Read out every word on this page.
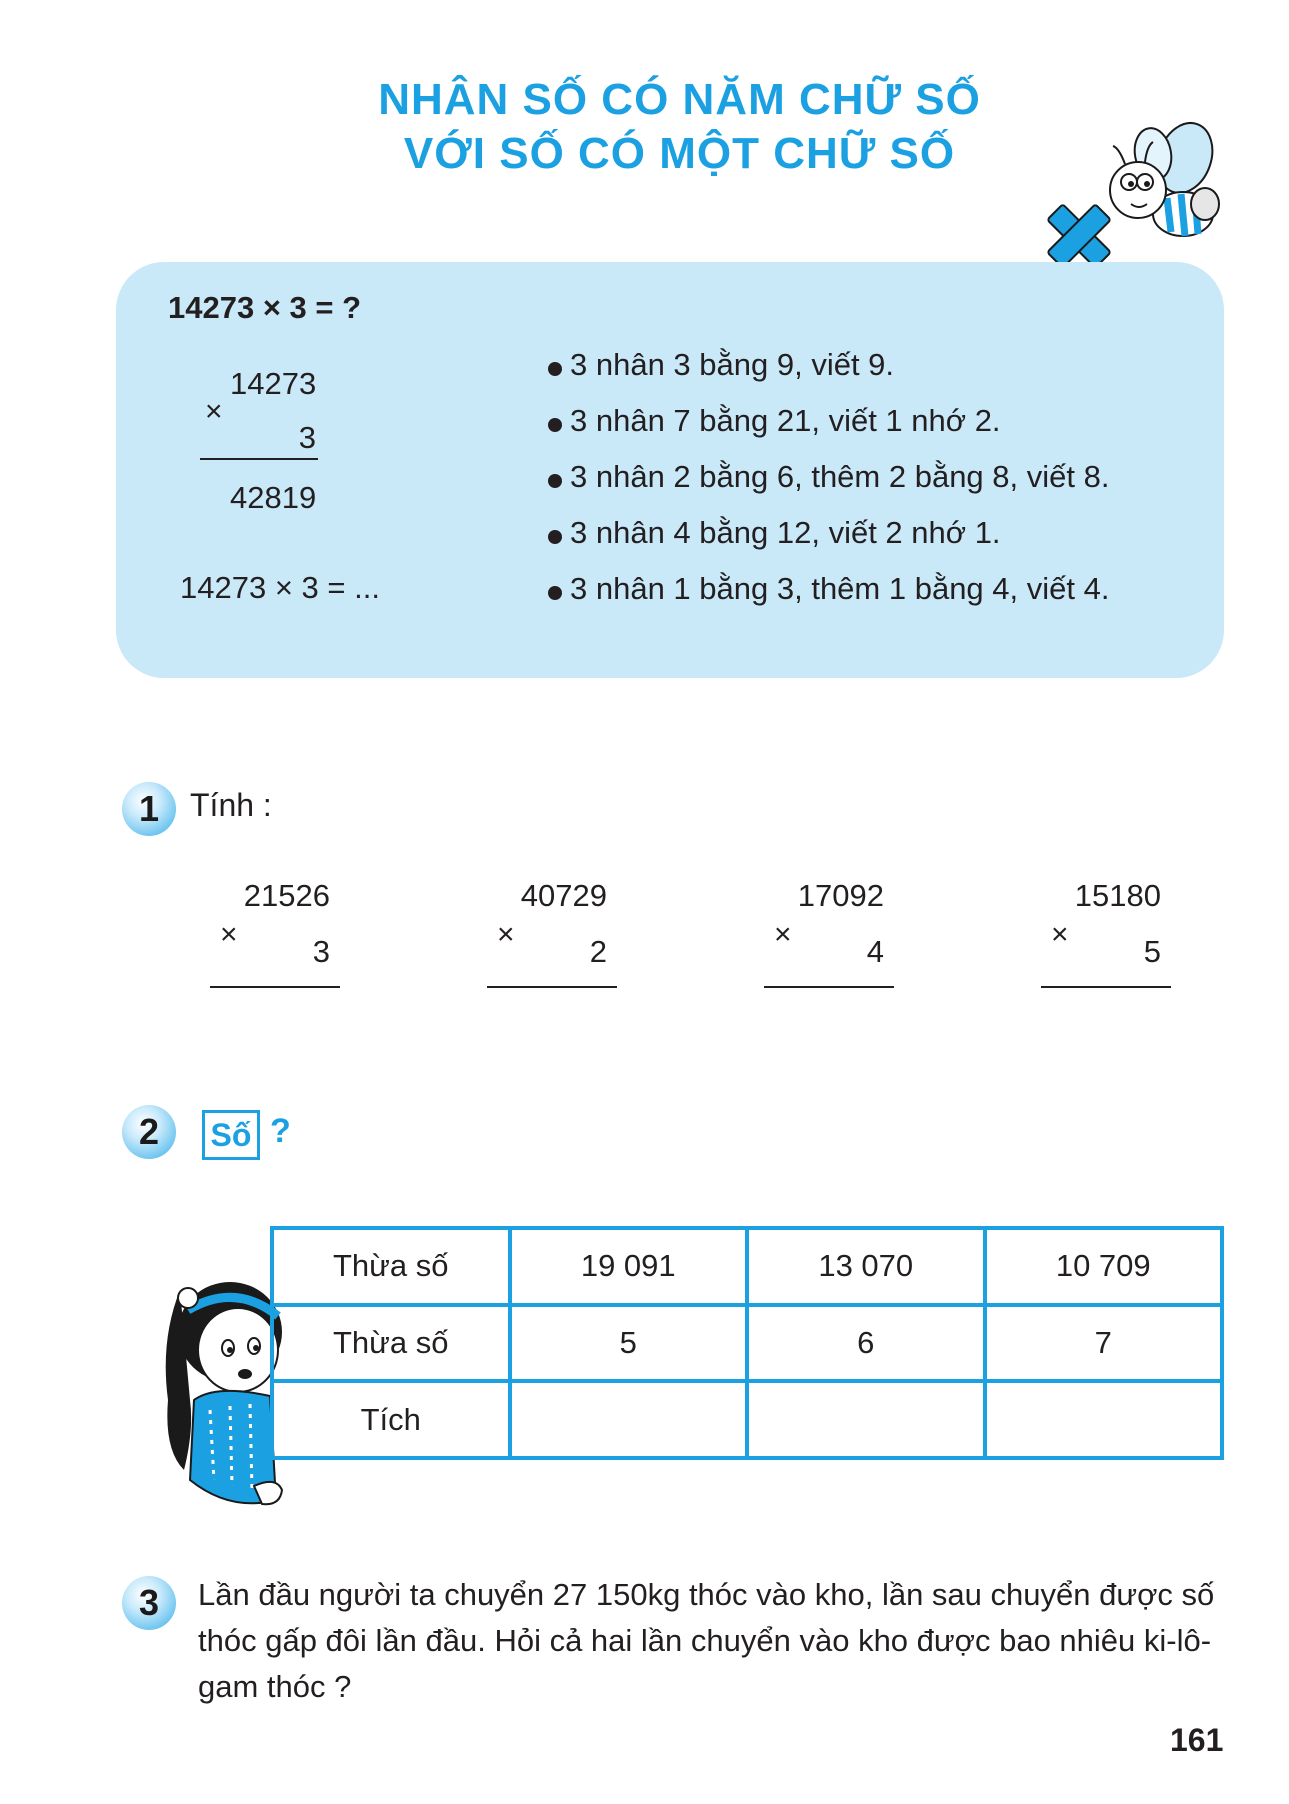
NHÂN SỐ CÓ NĂM CHỮ SỐ
VỚI SỐ CÓ MỘT CHỮ SỐ
14273 × 3 = ?
14273
×
3
42819
14273 × 3 = ...
3 nhân 3 bằng 9, viết 9.
3 nhân 7 bằng 21, viết 1 nhớ 2.
3 nhân 2 bằng 6, thêm 2 bằng 8, viết 8.
3 nhân 4 bằng 12, viết 2 nhớ 1.
3 nhân 1 bằng 3, thêm 1 bằng 4, viết 4.
1 Tính :
21526
× 3
40729
× 2
17092
× 4
15180
× 5
2	Số ?
Thừa số	19 091	13 070	10 709
Thừa số	5	6	7
Tích			
3	Lần đầu người ta chuyển 27 150kg thóc vào kho, lần sau chuyển được số thóc gấp đôi lần đầu. Hỏi cả hai lần chuyển vào kho được bao nhiêu ki-lô-gam thóc ?
161
